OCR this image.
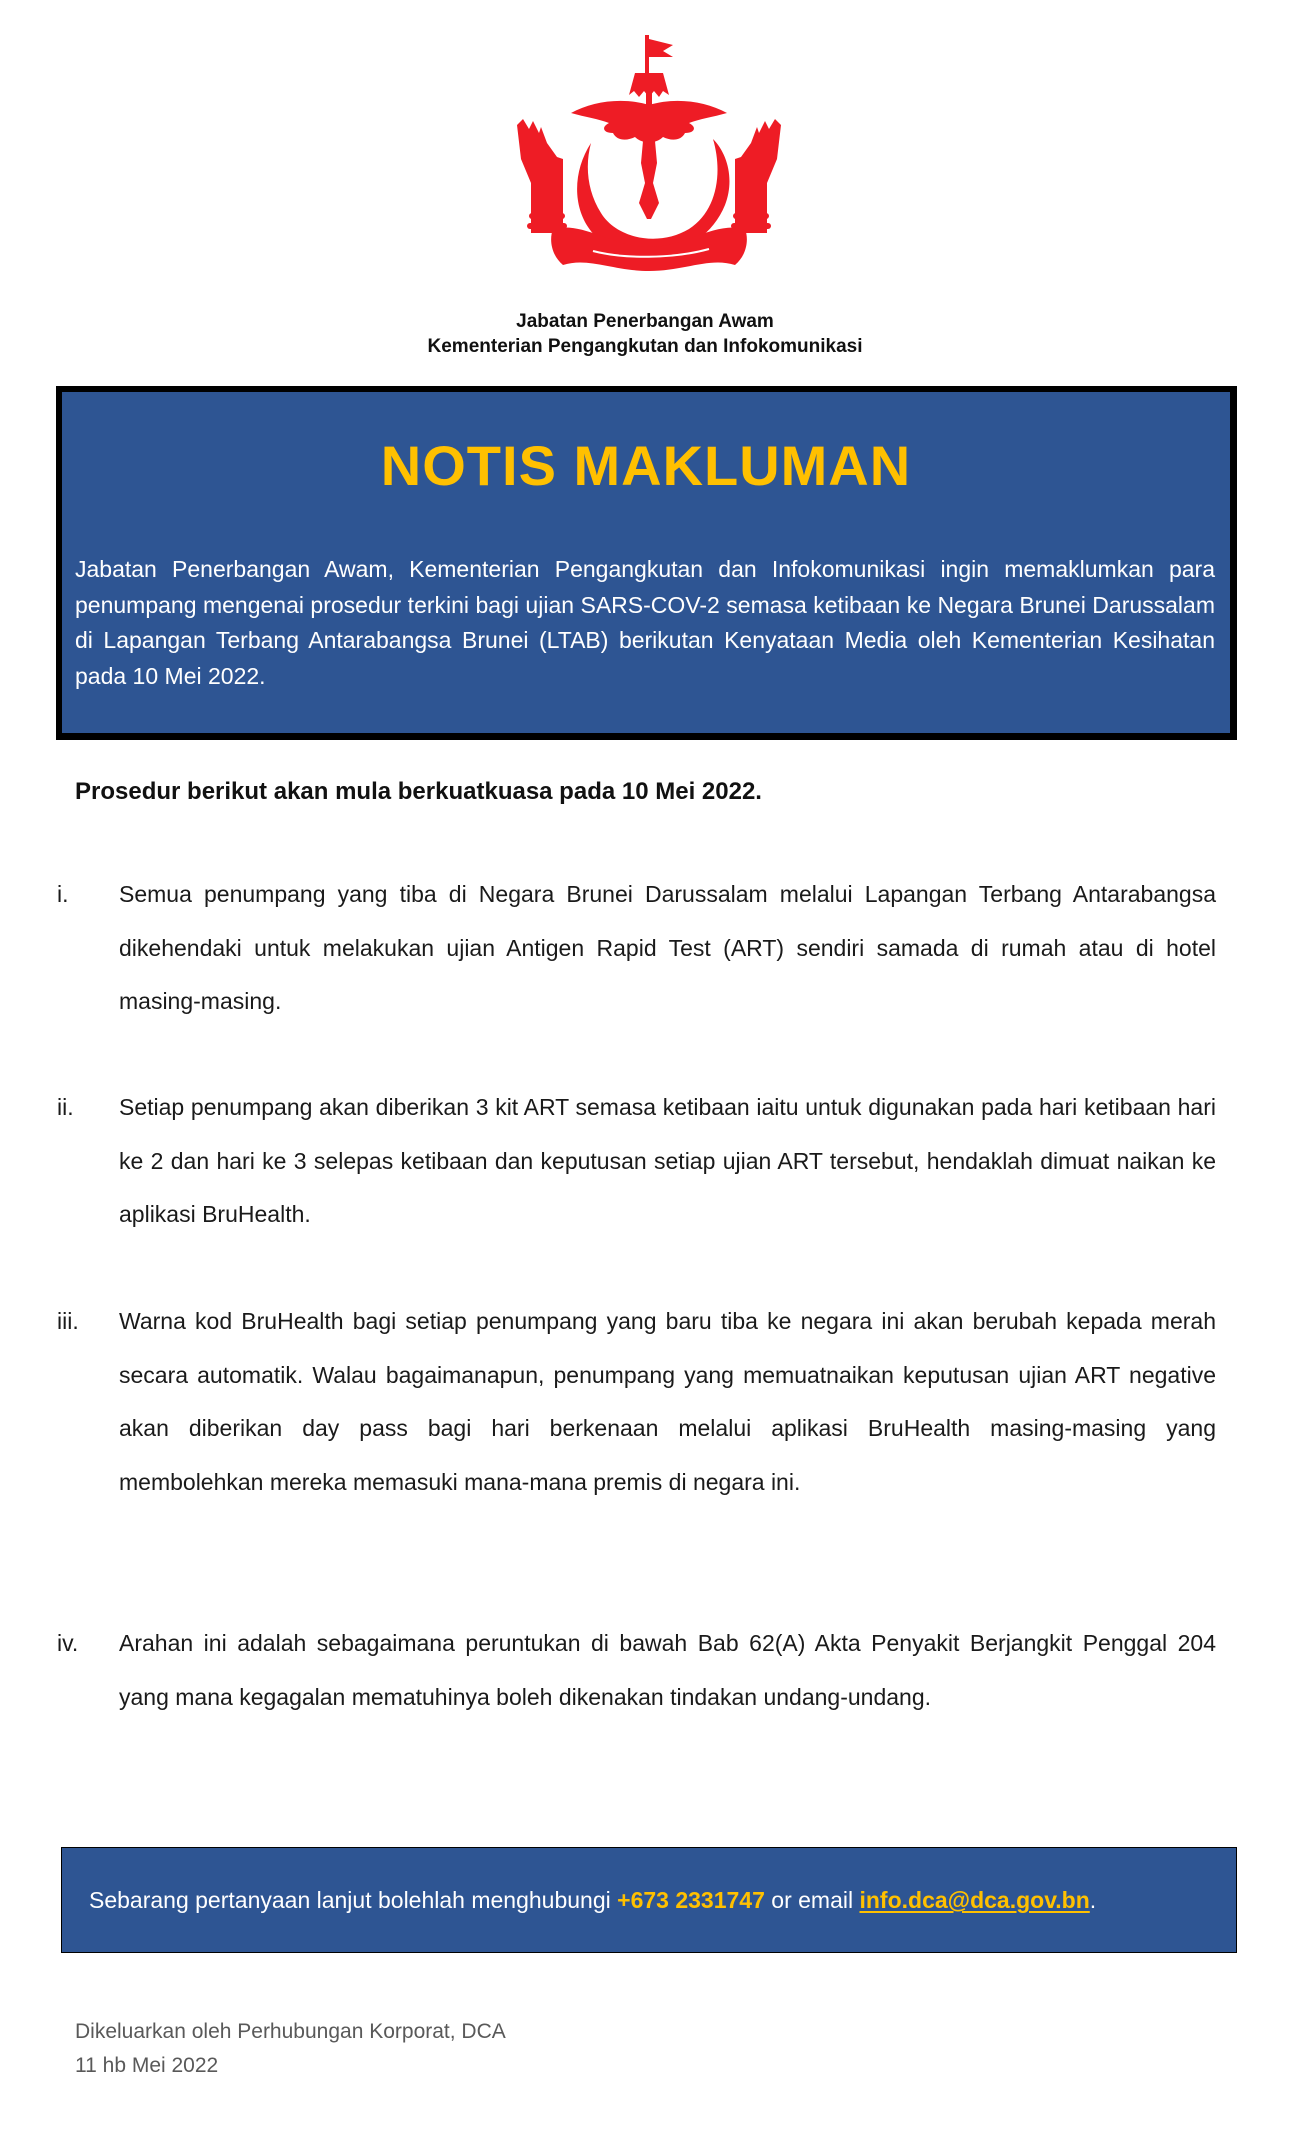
Jabatan Penerbangan Awam
Kementerian Pengangkutan dan Infokomunikasi
NOTIS MAKLUMAN
Jabatan Penerbangan Awam, Kementerian Pengangkutan dan Infokomunikasi ingin memaklumkan para penumpang mengenai prosedur terkini bagi ujian SARS-COV-2 semasa ketibaan ke Negara Brunei Darussalam di Lapangan Terbang Antarabangsa Brunei (LTAB) berikutan Kenyataan Media oleh Kementerian Kesihatan pada 10 Mei 2022.
Prosedur berikut akan mula berkuatkuasa pada 10 Mei 2022.
i. Semua penumpang yang tiba di Negara Brunei Darussalam melalui Lapangan Terbang Antarabangsa dikehendaki untuk melakukan ujian Antigen Rapid Test (ART) sendiri samada di rumah atau di hotel masing-masing.
ii. Setiap penumpang akan diberikan 3 kit ART semasa ketibaan iaitu untuk digunakan pada hari ketibaan hari ke 2 dan hari ke 3 selepas ketibaan dan keputusan setiap ujian ART tersebut, hendaklah dimuat naikan ke aplikasi BruHealth.
iii. Warna kod BruHealth bagi setiap penumpang yang baru tiba ke negara ini akan berubah kepada merah secara automatik. Walau bagaimanapun, penumpang yang memuatnaikan keputusan ujian ART negative akan diberikan day pass bagi hari berkenaan melalui aplikasi BruHealth masing-masing yang membolehkan mereka memasuki mana-mana premis di negara ini.
iv. Arahan ini adalah sebagaimana peruntukan di bawah Bab 62(A) Akta Penyakit Berjangkit Penggal 204 yang mana kegagalan mematuhinya boleh dikenakan tindakan undang-undang.
Sebarang pertanyaan lanjut bolehlah menghubungi +673 2331747 or email info.dca@dca.gov.bn.
Dikeluarkan oleh Perhubungan Korporat, DCA
11 hb Mei 2022
